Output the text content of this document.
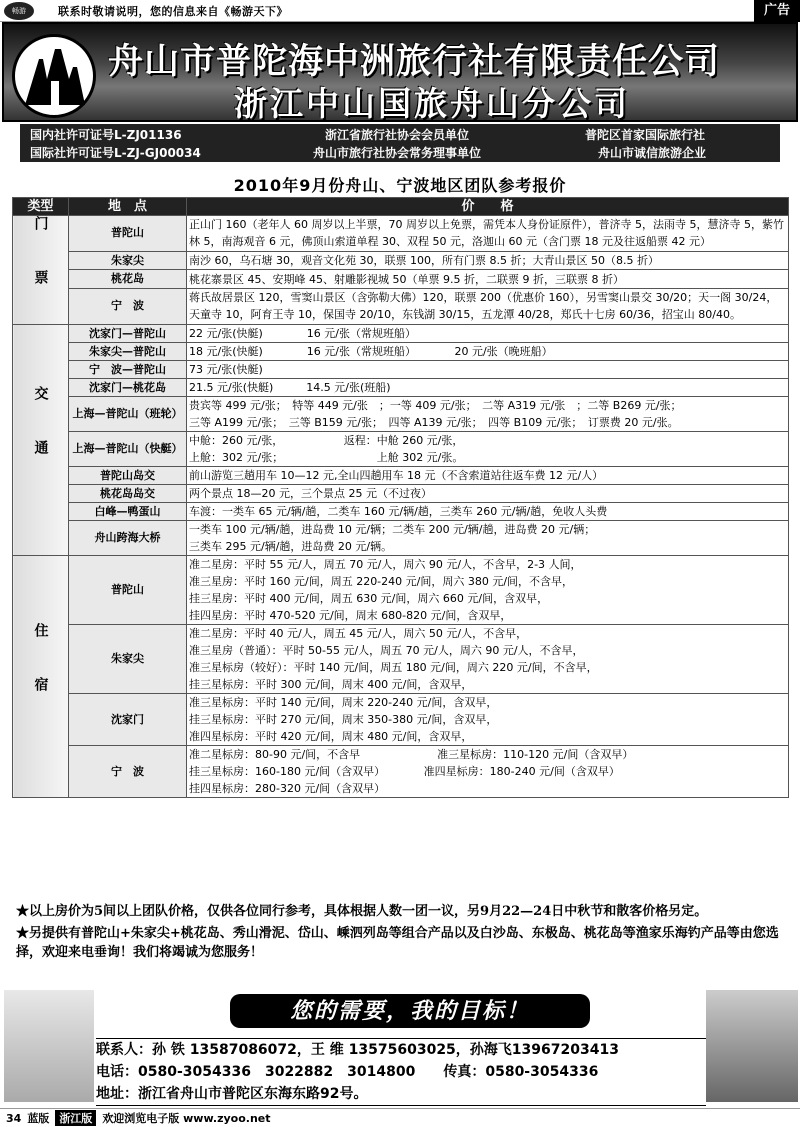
畅游	联系时敬请说明，您的信息来自《畅游天下》	广告
舟山市普陀海中洲旅行社有限责任公司
浙江中山国旅舟山分公司
国内社许可证号L-ZJ01136
国际社许可证号L-ZJ-GJ00034
浙江省旅行社协会会员单位
舟山市旅行社协会常务理事单位
普陀区首家国际旅行社
舟山市诚信旅游企业
2010年9月份舟山、宁波地区团队参考报价
类型	地　点	价　　格
门票	普陀山	正山门 160（老年人 60 周岁以上半票，70 周岁以上免票，需凭本人身份证原件），普济寺 5，法雨寺 5，慧济寺 5，紫竹林 5，南海观音 6 元，佛顶山索道单程 30、双程 50 元，洛迦山 60 元（含门票 18 元及往返船票 42 元）

	朱家尖	南沙 60，乌石塘 30，观音文化苑 30，联票 100，所有门票 8.5 折；大青山景区 50（8.5 折）

	桃花岛	桃花寨景区 45、安期峰 45、射雕影视城 50（单票 9.5 折，二联票 9 折，三联票 8 折）

	宁　波	蒋氏故居景区 120，雪窦山景区（含弥勒大佛）120，联票 200（优惠价 160），另雪窦山景交 30/20；天一阁 30/24，天童寺 10，阿育王寺 10，保国寺 20/10，东钱湖 30/15，五龙潭 40/28，郑氏十七房 60/36，招宝山 80/40。

交通	沈家门—普陀山	22 元/张(快艇)　　　　16 元/张（常规班船）

	朱家尖—普陀山	18 元/张(快艇)　　　　16 元/张（常规班船）　　　　20 元/张（晚班船）

	宁　波—普陀山	73 元/张(快艇)

	沈家门—桃花岛	21.5 元/张(快艇)　　　14.5 元/张(班船)

	上海—普陀山（班轮）	贵宾等 499 元/张；　特等 449 元/张　；一等 409 元/张；　二等 A319 元/张　；二等 B269 元/张；
三等 A199 元/张；　三等 B159 元/张；　四等 A139 元/张；　四等 B109 元/张；　订票费 20 元/张。

	上海—普陀山（快艇）	中舱：260 元/张，　　　　　　返程：中舱 260 元/张，
上舱：302 元/张；　　　　　　　　　上舱 302 元/张。

	普陀山岛交	前山游览三趟用车 10—12 元,全山四趟用车 18 元（不含索道站往返车费 12 元/人）

	桃花岛岛交	两个景点 18—20 元，三个景点 25 元（不过夜）

	白峰—鸭蛋山	车渡：一类车 65 元/辆/趟，二类车 160 元/辆/趟，三类车 260 元/辆/趟，免收人头费

	舟山跨海大桥	一类车 100 元/辆/趟，进岛费 10 元/辆；二类车 200 元/辆/趟，进岛费 20 元/辆；
三类车 295 元/辆/趟，进岛费 20 元/辆。

住宿	普陀山	准二星房：平时 55 元/人，周五 70 元/人，周六 90 元/人，不含早，2-3 人间，
准三星房：平时 160 元/间，周五 220-240 元/间，周六 380 元/间，不含早，
挂三星房：平时 400 元/间，周五 630 元/间，周六 660 元/间，含双早，
挂四星房：平时 470-520 元/间，周末 680-820 元/间，含双早，

	朱家尖	准二星房：平时 40 元/人，周五 45 元/人，周六 50 元/人，不含早，
准三星房（普通）：平时 50-55 元/人，周五 70 元/人，周六 90 元/人，不含早，
准三星标房（较好）：平时 140 元/间，周五 180 元/间，周六 220 元/间，不含早，
挂三星标房：平时 300 元/间，周末 400 元/间，含双早，

	沈家门	准三星标房：平时 140 元/间，周末 220-240 元/间，含双早，
挂三星标房：平时 270 元/间，周末 350-380 元/间，含双早，
准四星标房：平时 420 元/间，周末 480 元/间，含双早，

	宁　波	准二星标房：80-90 元/间，不含早　　　　　　　准三星标房：110-120 元/间（含双早）
挂三星标房：160-180 元/间（含双早）　　　　准四星标房：180-240 元/间（含双早）
挂四星标房：280-320 元/间（含双早）

★以上房价为5间以上团队价格，仅供各位同行参考，具体根据人数一团一议，另9月22—24日中秋节和散客价格另定。

★另提供有普陀山+朱家尖+桃花岛、秀山滑泥、岱山、嵊泗列岛等组合产品以及白沙岛、东极岛、桃花岛等渔家乐海钓产品等由您选择，欢迎来电垂询！我们将竭诚为您服务！

您的需要，我的目标！
联系人：孙 铁 13587086072，王 维 13575603025，孙海飞13967203413
电话：0580-3054336　3022882　3014800　　传真：0580-3054336
地址：浙江省舟山市普陀区东海东路92号。
34 蓝版 浙江版 欢迎浏览电子版 www.zyoo.net
